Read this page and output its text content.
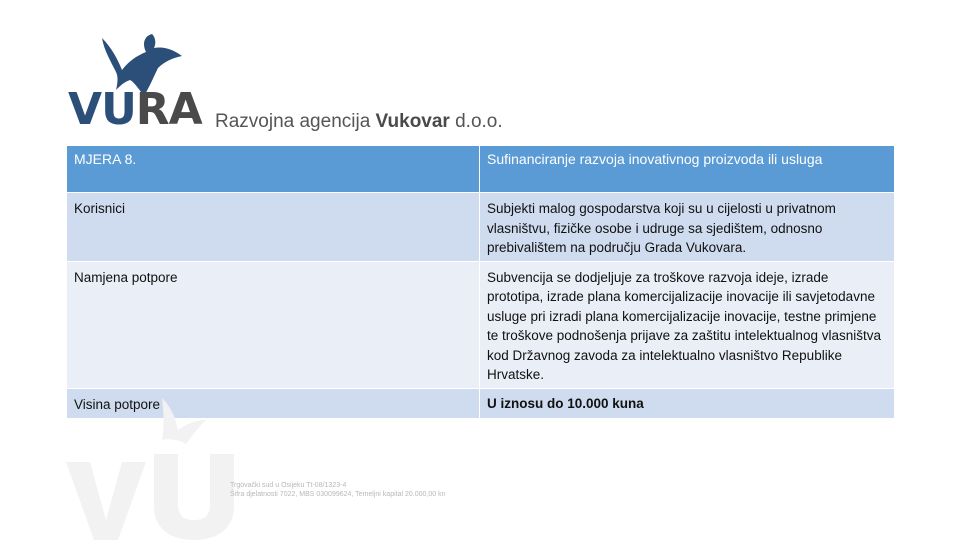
VURA Razvojna agencija Vukovar d.o.o.
MJERA 8.	Sufinanciranje razvoja inovativnog proizvoda ili usluga
Korisnici	Subjekti malog gospodarstva koji su u cijelosti u privatnom vlasništvu, fizičke osobe i udruge sa sjedištem, odnosno prebivalištem na području Grada Vukovara.
Namjena potpore	Subvencija se dodjeljuje za troškove razvoja ideje, izrade prototipa, izrade plana komercijalizacije inovacije ili savjetodavne usluge pri izradi plana komercijalizacije inovacije, testne primjene te troškove podnošenja prijave za zaštitu intelektualnog vlasništva kod Državnog zavoda za intelektualno vlasništvo Republike Hrvatske.
Visina potpore	U iznosu do 10.000 kuna
Trgovački sud u Osijeku Tt-08/1323-4
Šifra djelatnosti 7022, MBS 030099624, Temeljni kapital 20.000,00 kn
